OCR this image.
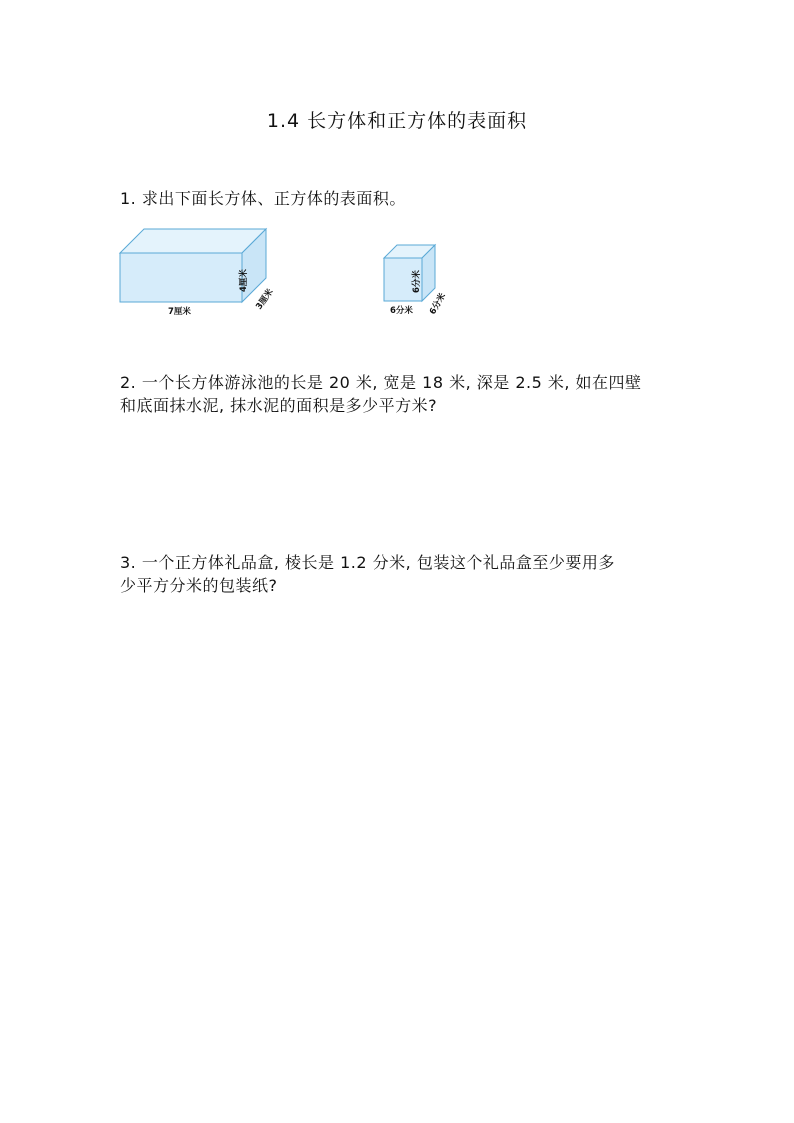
1.4 长方体和正方体的表面积
1. 求出下面长方体、正方体的表面积。
7厘米
4厘米
3厘米
6分米
6分米 6分米
2. 一个长方体游泳池的长是 20 米, 宽是 18 米, 深是 2.5 米, 如在四壁
和底面抹水泥, 抹水泥的面积是多少平方米?
3. 一个正方体礼品盒, 棱长是 1.2 分米, 包装这个礼品盒至少要用多
少平方分米的包装纸?
